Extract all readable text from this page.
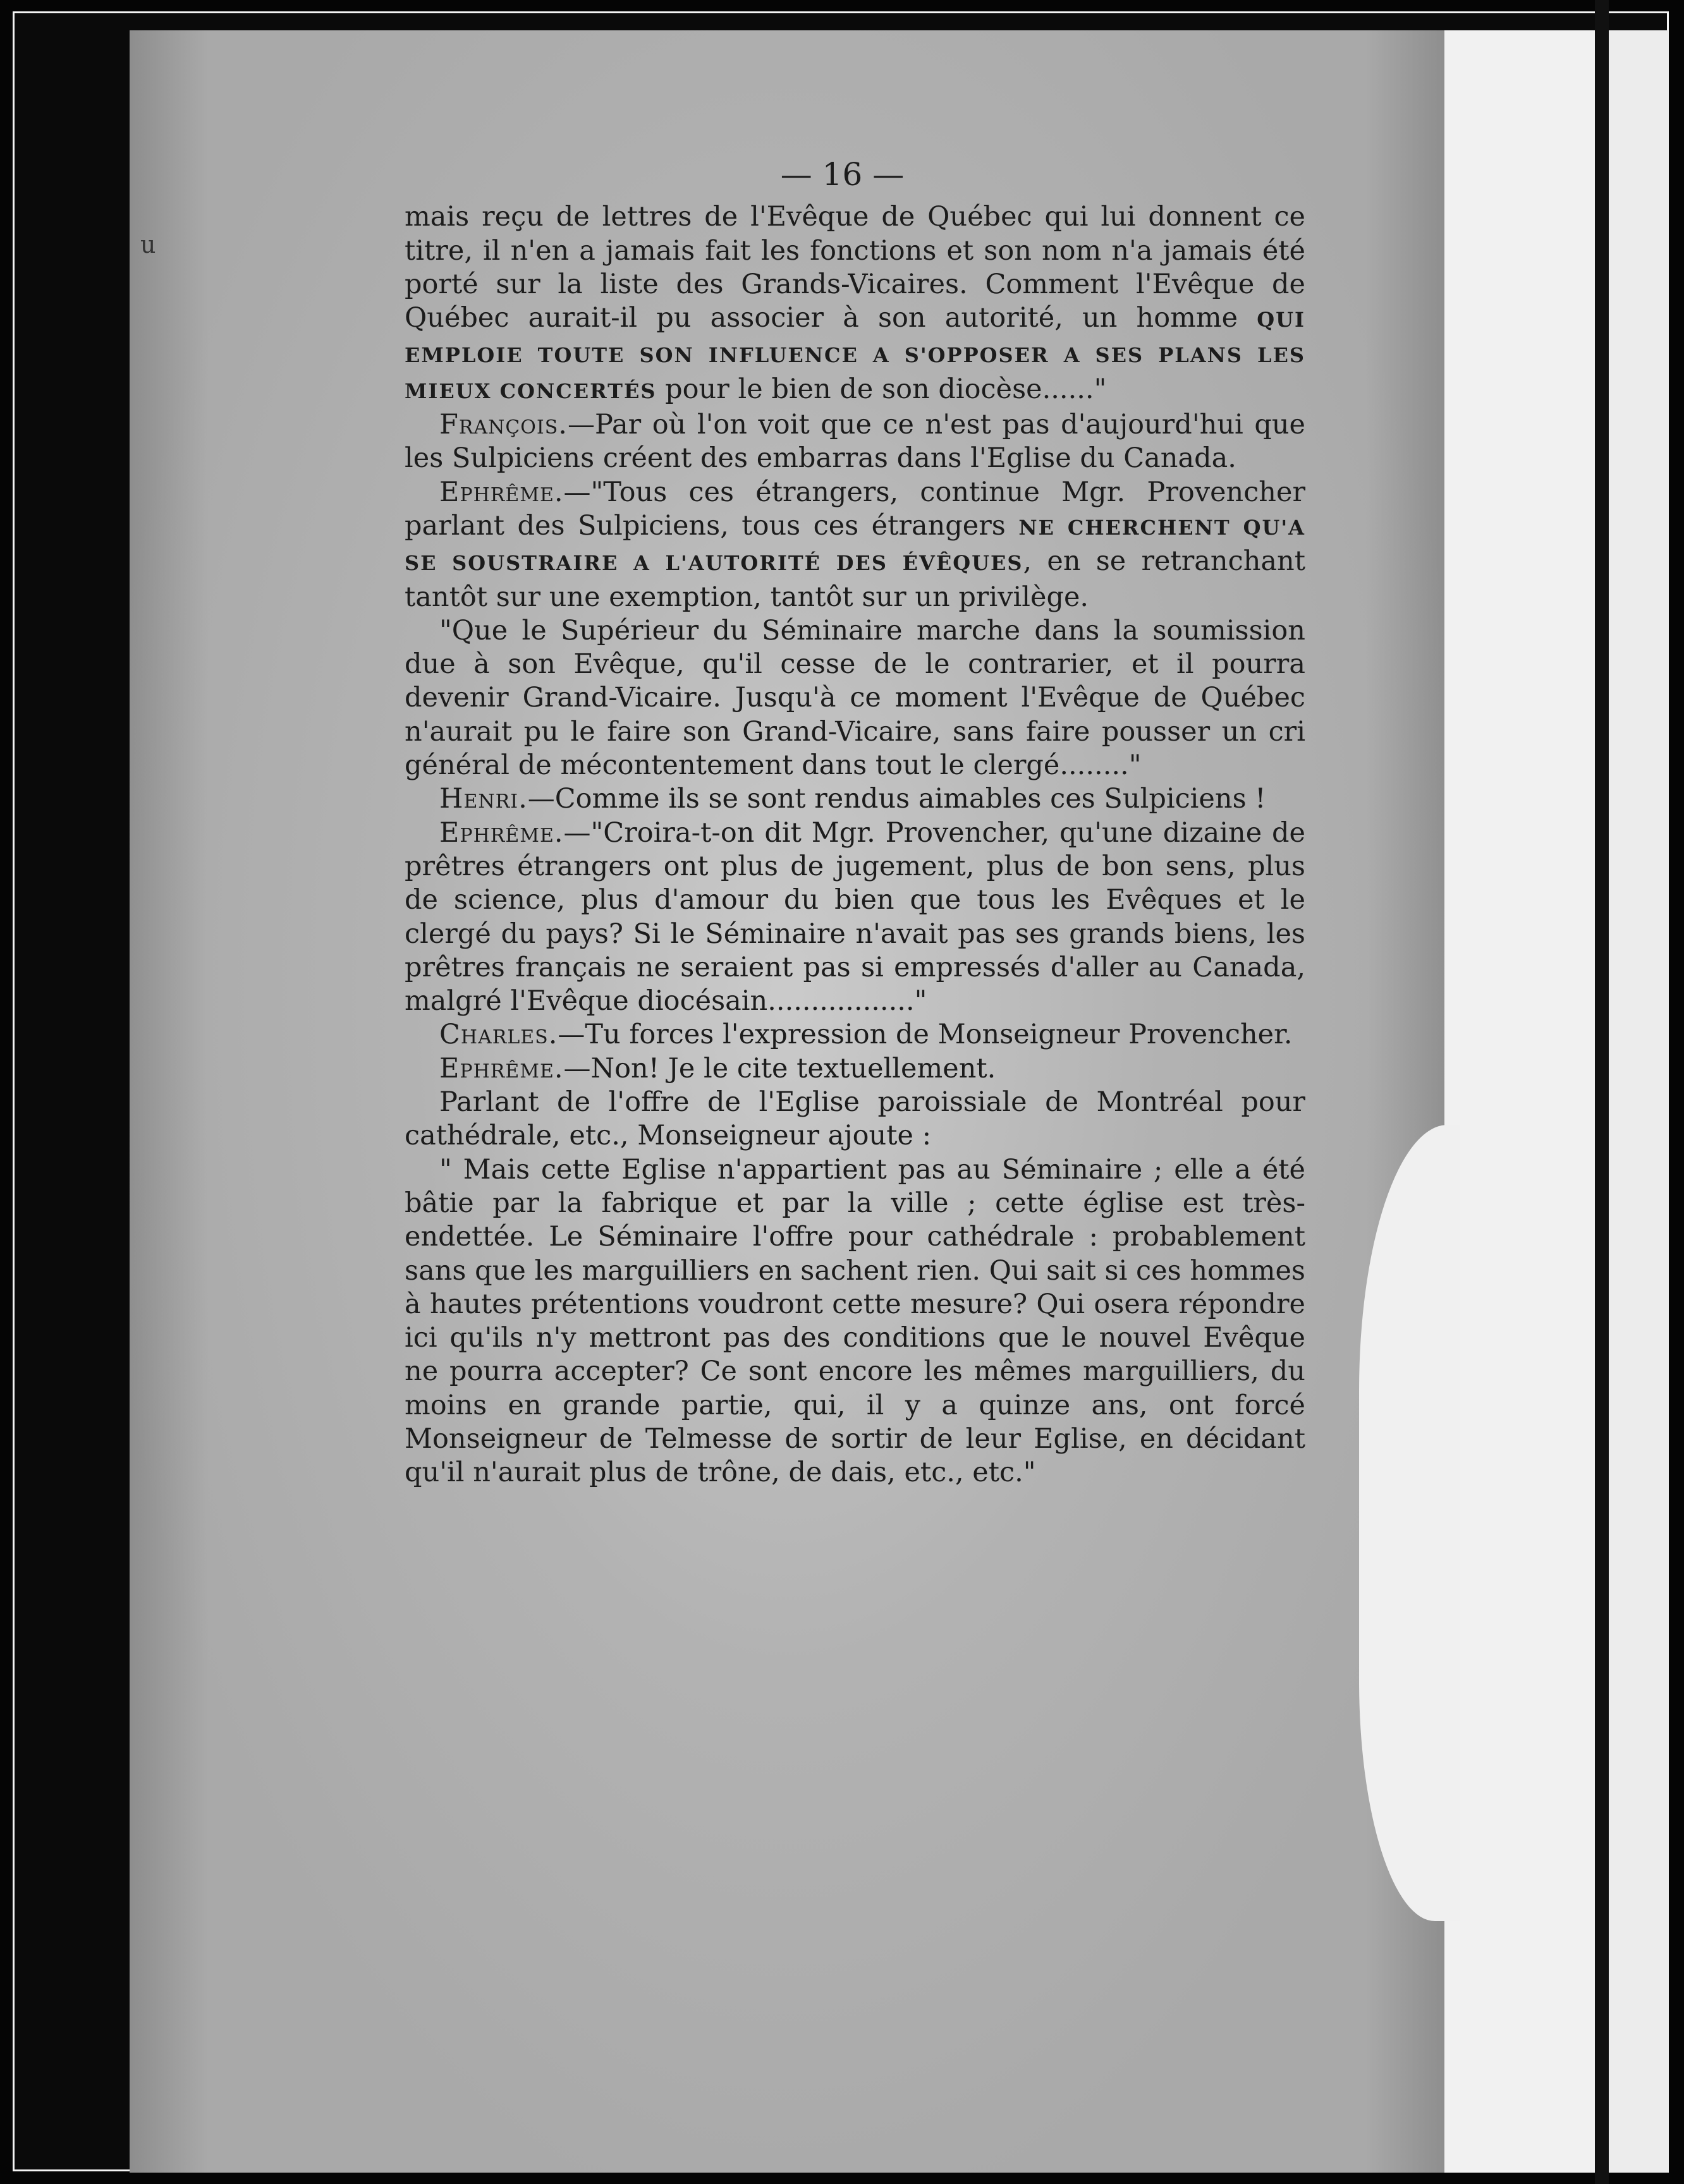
u
— 16 —

mais reçu de lettres de l'Evêque de Québec qui lui donnent ce titre, il n'en a jamais fait les fonctions et son nom n'a jamais été porté sur la liste des Grands-Vicaires. Comment l'Evêque de Québec aurait-il pu associer à son autorité, un homme QUI EMPLOIE TOUTE SON INFLUENCE A S'OPPOSER A SES PLANS LES MIEUX CONCERTÉS pour le bien de son diocèse......"

François.—Par où l'on voit que ce n'est pas d'aujourd'hui que les Sulpiciens créent des embarras dans l'Eglise du Canada.

Ephrême.—"Tous ces étrangers, continue Mgr. Provencher parlant des Sulpiciens, tous ces étrangers NE CHERCHENT QU'A SE SOUSTRAIRE A L'AUTORITÉ DES ÉVÊQUES, en se retranchant tantôt sur une exemption, tantôt sur un privilège.

"Que le Supérieur du Séminaire marche dans la soumission due à son Evêque, qu'il cesse de le contrarier, et il pourra devenir Grand-Vicaire. Jusqu'à ce moment l'Evêque de Québec n'aurait pu le faire son Grand-Vicaire, sans faire pousser un cri général de mécontentement dans tout le clergé........"

Henri.—Comme ils se sont rendus aimables ces Sulpiciens !

Ephrême.—"Croira-t-on dit Mgr. Provencher, qu'une dizaine de prêtres étrangers ont plus de jugement, plus de bon sens, plus de science, plus d'amour du bien que tous les Evêques et le clergé du pays? Si le Séminaire n'avait pas ses grands biens, les prêtres français ne seraient pas si empressés d'aller au Canada, malgré l'Evêque diocésain................."

Charles.—Tu forces l'expression de Monseigneur Provencher.

Ephrême.—Non! Je le cite textuellement.

Parlant de l'offre de l'Eglise paroissiale de Montréal pour cathédrale, etc., Monseigneur ajoute :

" Mais cette Eglise n'appartient pas au Séminaire ; elle a été bâtie par la fabrique et par la ville ; cette église est très-endettée. Le Séminaire l'offre pour cathédrale : probablement sans que les marguilliers en sachent rien. Qui sait si ces hommes à hautes prétentions voudront cette mesure? Qui osera répondre ici qu'ils n'y mettront pas des conditions que le nouvel Evêque ne pourra accepter? Ce sont encore les mêmes marguilliers, du moins en grande partie, qui, il y a quinze ans, ont forcé Monseigneur de Telmesse de sortir de leur Eglise, en décidant qu'il n'aurait plus de trône, de dais, etc., etc."
